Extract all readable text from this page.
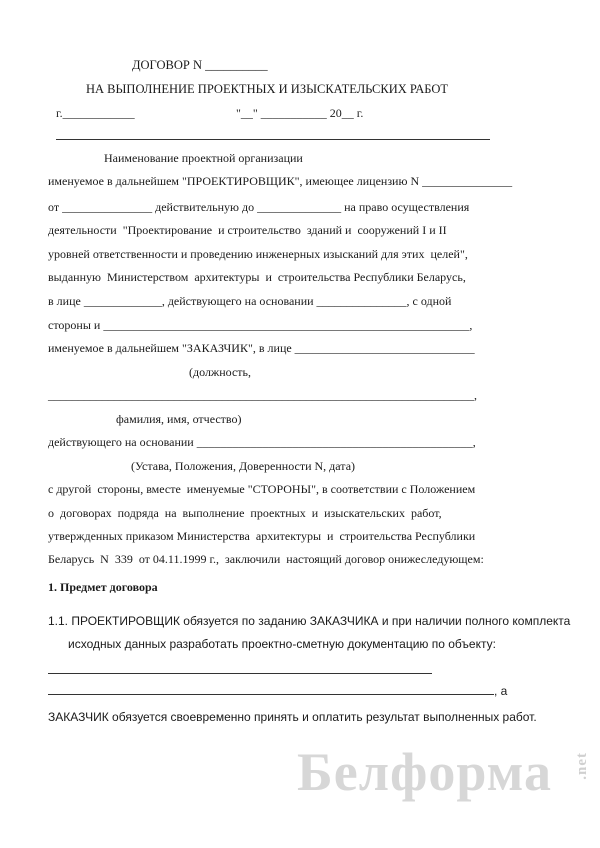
ДОГОВОР N __________
НА ВЫПОЛНЕНИЕ ПРОЕКТНЫХ И ИЗЫСКАТЕЛЬСКИХ РАБОТ
г.____________	"__" ___________ 20__ г.
Наименование проектной организации
именуемое в дальнейшем "ПРОЕКТИРОВЩИК", имеющее лицензию N _______________
от _______________ действительную до ______________ на право осуществления
деятельности  "Проектирование  и строительство  зданий и  сооружений I и II
уровней ответственности и проведению инженерных изысканий для этих  целей",
выданную  Министерством  архитектуры  и  строительства Республики Беларусь,
в лице _____________, действующего на основании _______________, с одной
стороны и _____________________________________________________________,
именуемое в дальнейшем "ЗАКАЗЧИК", в лице ______________________________
(должность,
_______________________________________________________________________,
фамилия, имя, отчество)
действующего на основании ______________________________________________,
(Устава, Положения, Доверенности N, дата)
с другой  стороны, вместе  именуемые "СТОРОНЫ", в соответствии с Положением
о  договорах  подряда  на  выполнение  проектных  и  изыскательских  работ,
утвержденных приказом Министерства  архитектуры  и  строительства Республики
Беларусь  N  339  от 04.11.1999 г.,  заключили  настоящий договор онижеследующем:
1. Предмет договора
1.1. ПРОЕКТИРОВЩИК обязуется по заданию ЗАКАЗЧИКА и при наличии полного комплекта
исходных данных разработать проектно-сметную документацию по объекту:
, а
ЗАКАЗЧИК обязуется своевременно принять и оплатить результат выполненных работ.
Белформа	.net
